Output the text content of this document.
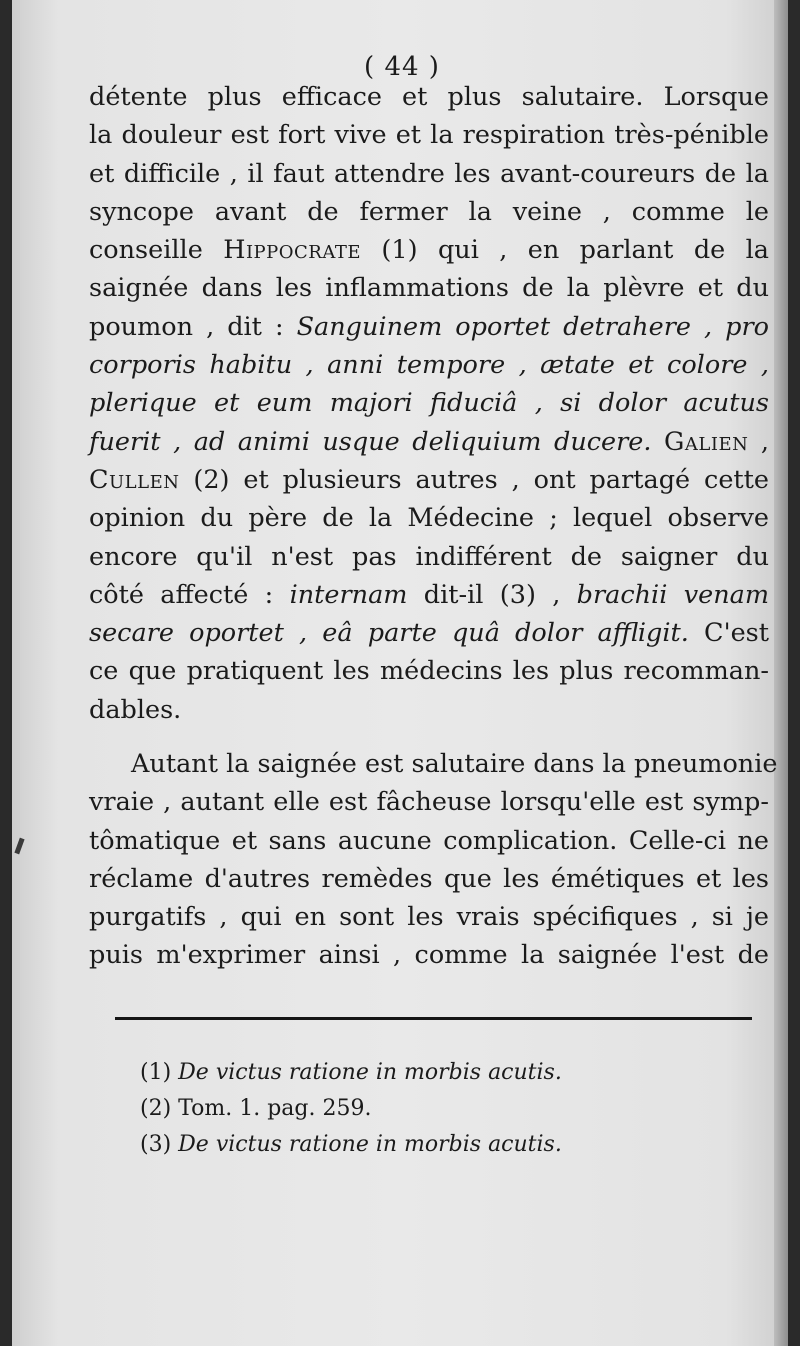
( 44 )
détente plus efficace et plus salutaire. Lorsque
la douleur est fort vive et la respiration très-pénible
et difficile , il faut attendre les avant-coureurs de la
syncope avant de fermer la veine , comme le
conseille Hippocrate (1) qui , en parlant de la
saignée dans les inflammations de la plèvre et du
poumon , dit : Sanguinem oportet detrahere , pro
corporis habitu , anni tempore , ætate et colore ,
plerique et eum majori fiduciâ , si dolor acutus
fuerit , ad animi usque deliquium ducere. Galien ,
Cullen (2) et plusieurs autres , ont partagé cette
opinion du père de la Médecine ; lequel observe
encore qu'il n'est pas indifférent de saigner du
côté affecté : internam dit-il (3) , brachii venam
secare oportet , eâ parte quâ dolor affligit. C'est
ce que pratiquent les médecins les plus recomman-
dables.
Autant la saignée est salutaire dans la pneumonie
vraie , autant elle est fâcheuse lorsqu'elle est symp-
tômatique et sans aucune complication. Celle-ci ne
réclame d'autres remèdes que les émétiques et les
purgatifs , qui en sont les vrais spécifiques , si je
puis m'exprimer ainsi , comme la saignée l'est de
(1) De victus ratione in morbis acutis.
(2) Tom. 1. pag. 259.
(3) De victus ratione in morbis acutis.
